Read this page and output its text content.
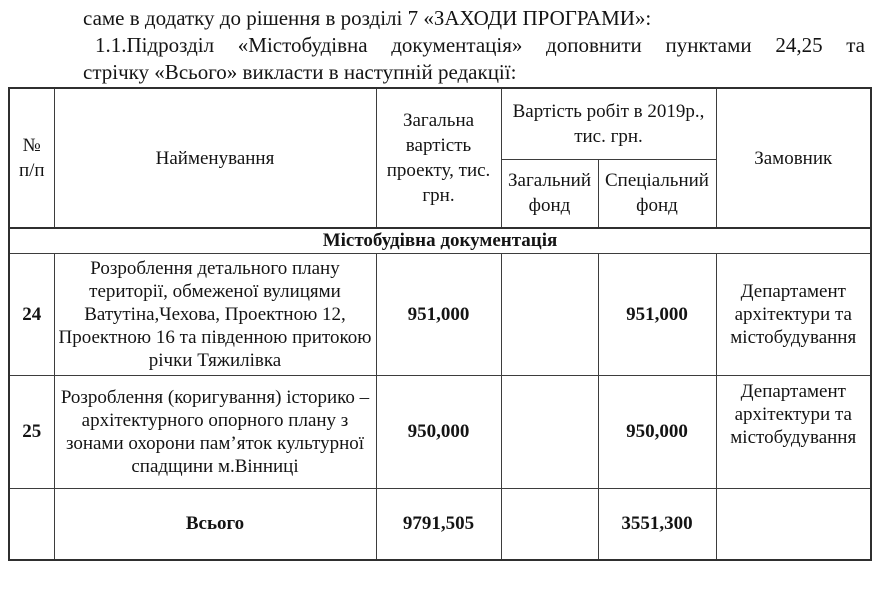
саме в додатку до рішення в розділі 7 «ЗАХОДИ ПРОГРАМИ»:
1.1.Підрозділ «Містобудівна документація» доповнити пунктами 24,25 та
стрічку «Всього» викласти в наступній редакції:
№ п/п	Найменування	Загальна вартість проекту, тис. грн.	Вартість робіт в 2019р., тис. грн.		Замовник
			Загальний фонд	Спеціальний фонд	
Містобудівна документація					
24	Розроблення детального плану території, обмеженої вулицями Ватутіна,Чехова, Проектною 12, Проектною 16 та південною притокою річки Тяжилівка	951,000		951,000	Департамент архітектури та містобудування
25	Розроблення (коригування) історико – архітектурного опорного плану з зонами охорони пам’яток культурної спадщини м.Вінниці	950,000		950,000	Департамент архітектури та містобудування
	Всього	9791,505		3551,300	
